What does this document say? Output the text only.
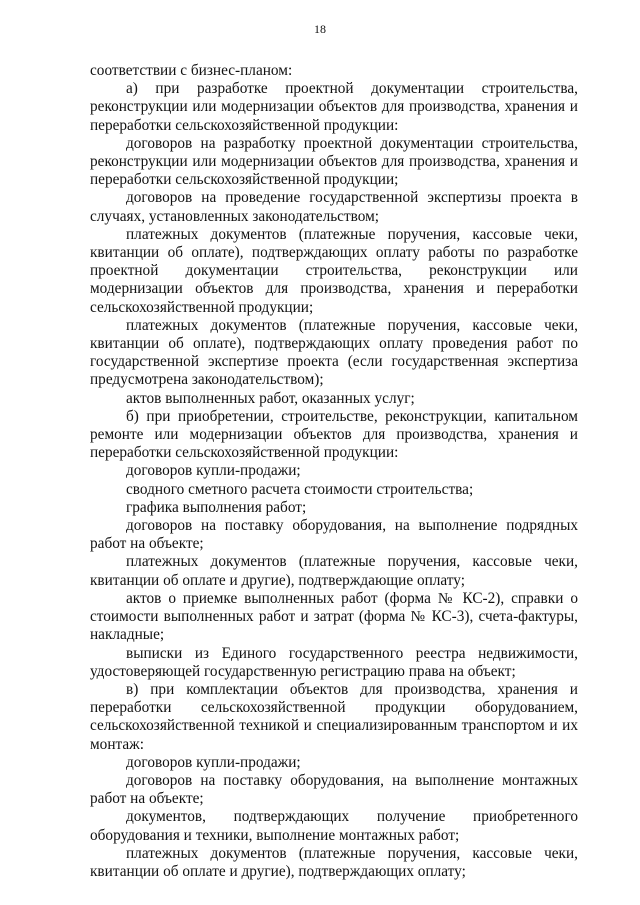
18

соответствии с бизнес-планом:

а) при разработке проектной документации строительства, реконструкции или модернизации объектов для производства, хранения и переработки сельскохозяйственной продукции:

договоров на разработку проектной документации строительства, реконструкции или модернизации объектов для производства, хранения и переработки сельскохозяйственной продукции;

договоров на проведение государственной экспертизы проекта в случаях, установленных законодательством;

платежных документов (платежные поручения, кассовые чеки, квитанции об оплате), подтверждающих оплату работы по разработке проектной документации строительства, реконструкции или модернизации объектов для производства, хранения и переработки сельскохозяйственной продукции;

платежных документов (платежные поручения, кассовые чеки, квитанции об оплате), подтверждающих оплату проведения работ по государственной экспертизе проекта (если государственная экспертиза предусмотрена законодательством);

актов выполненных работ, оказанных услуг;

б) при приобретении, строительстве, реконструкции, капитальном ремонте или модернизации объектов для производства, хранения и переработки сельскохозяйственной продукции:

договоров купли-продажи;

сводного сметного расчета стоимости строительства;

графика выполнения работ;

договоров на поставку оборудования, на выполнение подрядных работ на объекте;

платежных документов (платежные поручения, кассовые чеки, квитанции об оплате и другие), подтверждающие оплату;

актов о приемке выполненных работ (форма № КС-2), справки о стоимости выполненных работ и затрат (форма № КС-3), счета-фактуры, накладные;

выписки из Единого государственного реестра недвижимости, удостоверяющей государственную регистрацию права на объект;

в) при комплектации объектов для производства, хранения и переработки сельскохозяйственной продукции оборудованием, сельскохозяйственной техникой и специализированным транспортом и их монтаж:

договоров купли-продажи;

договоров на поставку оборудования, на выполнение монтажных работ на объекте;

документов, подтверждающих получение приобретенного оборудования и техники, выполнение монтажных работ;

платежных документов (платежные поручения, кассовые чеки, квитанции об оплате и другие), подтверждающих оплату;
